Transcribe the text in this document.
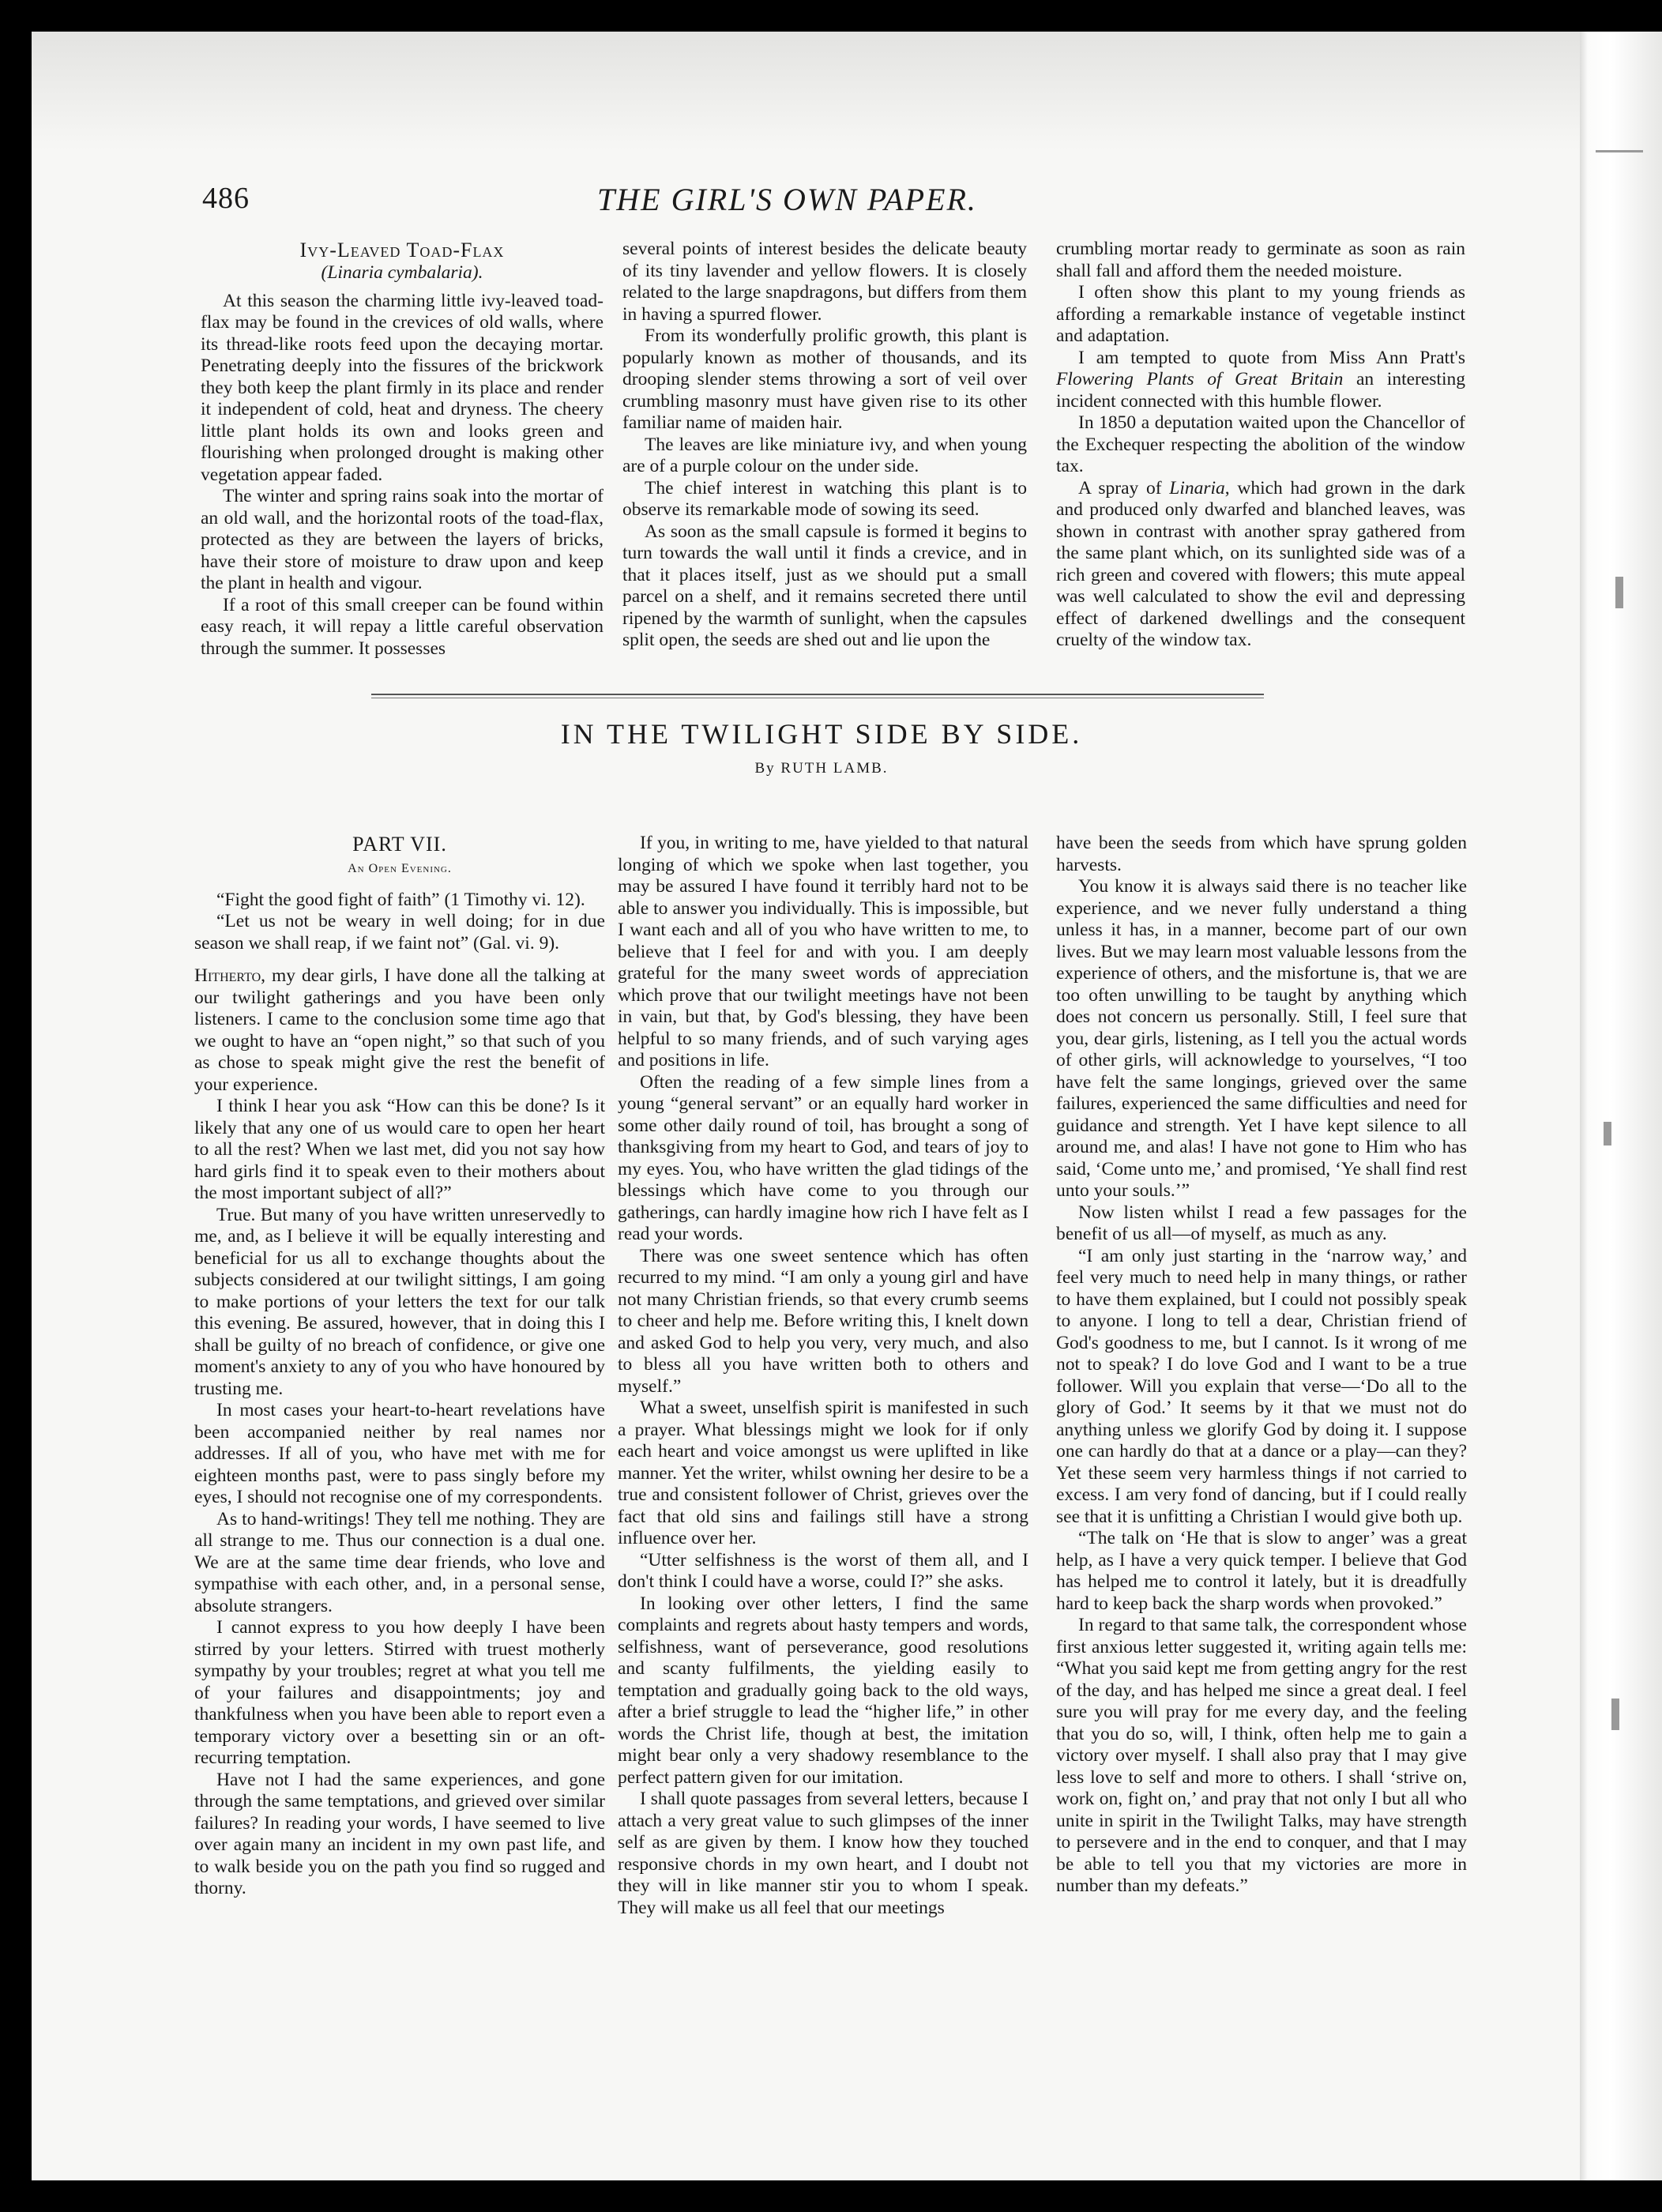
486	THE GIRL'S OWN PAPER.
Ivy-Leaved Toad-Flax
(Linaria cymbalaria).

At this season the charming little ivy-leaved toad-flax may be found in the crevices of old walls, where its thread-like roots feed upon the decaying mortar. Penetrating deeply into the fissures of the brickwork they both keep the plant firmly in its place and render it independent of cold, heat and dryness. The cheery little plant holds its own and looks green and flourishing when prolonged drought is making other vegetation appear faded.

The winter and spring rains soak into the mortar of an old wall, and the horizontal roots of the toad-flax, protected as they are between the layers of bricks, have their store of moisture to draw upon and keep the plant in health and vigour.

If a root of this small creeper can be found within easy reach, it will repay a little careful observation through the summer. It possesses

several points of interest besides the delicate beauty of its tiny lavender and yellow flowers. It is closely related to the large snapdragons, but differs from them in having a spurred flower.

From its wonderfully prolific growth, this plant is popularly known as mother of thousands, and its drooping slender stems throwing a sort of veil over crumbling masonry must have given rise to its other familiar name of maiden hair.

The leaves are like miniature ivy, and when young are of a purple colour on the under side.

The chief interest in watching this plant is to observe its remarkable mode of sowing its seed.

As soon as the small capsule is formed it begins to turn towards the wall until it finds a crevice, and in that it places itself, just as we should put a small parcel on a shelf, and it remains secreted there until ripened by the warmth of sunlight, when the capsules split open, the seeds are shed out and lie upon the

crumbling mortar ready to germinate as soon as rain shall fall and afford them the needed moisture.

I often show this plant to my young friends as affording a remarkable instance of vegetable instinct and adaptation.

I am tempted to quote from Miss Ann Pratt's Flowering Plants of Great Britain an interesting incident connected with this humble flower.

In 1850 a deputation waited upon the Chancellor of the Exchequer respecting the abolition of the window tax.

A spray of Linaria, which had grown in the dark and produced only dwarfed and blanched leaves, was shown in contrast with another spray gathered from the same plant which, on its sunlighted side was of a rich green and covered with flowers; this mute appeal was well calculated to show the evil and depressing effect of darkened dwellings and the consequent cruelty of the window tax.

IN THE TWILIGHT SIDE BY SIDE.
By RUTH LAMB.
PART VII.
An Open Evening.

“Fight the good fight of faith” (1 Timothy vi. 12).

“Let us not be weary in well doing; for in due season we shall reap, if we faint not” (Gal. vi. 9).

Hitherto, my dear girls, I have done all the talking at our twilight gatherings and you have been only listeners. I came to the conclusion some time ago that we ought to have an “open night,” so that such of you as chose to speak might give the rest the benefit of your experience.

I think I hear you ask “How can this be done? Is it likely that any one of us would care to open her heart to all the rest? When we last met, did you not say how hard girls find it to speak even to their mothers about the most important subject of all?”

True. But many of you have written unreservedly to me, and, as I believe it will be equally interesting and beneficial for us all to exchange thoughts about the subjects considered at our twilight sittings, I am going to make portions of your letters the text for our talk this evening. Be assured, however, that in doing this I shall be guilty of no breach of confidence, or give one moment's anxiety to any of you who have honoured by trusting me.

In most cases your heart-to-heart revelations have been accompanied neither by real names nor addresses. If all of you, who have met with me for eighteen months past, were to pass singly before my eyes, I should not recognise one of my correspondents.

As to hand-writings! They tell me nothing. They are all strange to me. Thus our connection is a dual one. We are at the same time dear friends, who love and sympathise with each other, and, in a personal sense, absolute strangers.

I cannot express to you how deeply I have been stirred by your letters. Stirred with truest motherly sympathy by your troubles; regret at what you tell me of your failures and disappointments; joy and thankfulness when you have been able to report even a temporary victory over a besetting sin or an oft-recurring temptation.

Have not I had the same experiences, and gone through the same temptations, and grieved over similar failures? In reading your words, I have seemed to live over again many an incident in my own past life, and to walk beside you on the path you find so rugged and thorny.

If you, in writing to me, have yielded to that natural longing of which we spoke when last together, you may be assured I have found it terribly hard not to be able to answer you individually. This is impossible, but I want each and all of you who have written to me, to believe that I feel for and with you. I am deeply grateful for the many sweet words of appreciation which prove that our twilight meetings have not been in vain, but that, by God's blessing, they have been helpful to so many friends, and of such varying ages and positions in life.

Often the reading of a few simple lines from a young “general servant” or an equally hard worker in some other daily round of toil, has brought a song of thanksgiving from my heart to God, and tears of joy to my eyes. You, who have written the glad tidings of the blessings which have come to you through our gatherings, can hardly imagine how rich I have felt as I read your words.

There was one sweet sentence which has often recurred to my mind. “I am only a young girl and have not many Christian friends, so that every crumb seems to cheer and help me. Before writing this, I knelt down and asked God to help you very, very much, and also to bless all you have written both to others and myself.”

What a sweet, unselfish spirit is manifested in such a prayer. What blessings might we look for if only each heart and voice amongst us were uplifted in like manner. Yet the writer, whilst owning her desire to be a true and consistent follower of Christ, grieves over the fact that old sins and failings still have a strong influence over her.

“Utter selfishness is the worst of them all, and I don't think I could have a worse, could I?” she asks.

In looking over other letters, I find the same complaints and regrets about hasty tempers and words, selfishness, want of perseverance, good resolutions and scanty fulfilments, the yielding easily to temptation and gradually going back to the old ways, after a brief struggle to lead the “higher life,” in other words the Christ life, though at best, the imitation might bear only a very shadowy resemblance to the perfect pattern given for our imitation.

I shall quote passages from several letters, because I attach a very great value to such glimpses of the inner self as are given by them. I know how they touched responsive chords in my own heart, and I doubt not they will in like manner stir you to whom I speak. They will make us all feel that our meetings

have been the seeds from which have sprung golden harvests.

You know it is always said there is no teacher like experience, and we never fully understand a thing unless it has, in a manner, become part of our own lives. But we may learn most valuable lessons from the experience of others, and the misfortune is, that we are too often unwilling to be taught by anything which does not concern us personally. Still, I feel sure that you, dear girls, listening, as I tell you the actual words of other girls, will acknowledge to yourselves, “I too have felt the same longings, grieved over the same failures, experienced the same difficulties and need for guidance and strength. Yet I have kept silence to all around me, and alas! I have not gone to Him who has said, ‘Come unto me,’ and promised, ‘Ye shall find rest unto your souls.’”

Now listen whilst I read a few passages for the benefit of us all—of myself, as much as any.

“I am only just starting in the ‘narrow way,’ and feel very much to need help in many things, or rather to have them explained, but I could not possibly speak to anyone. I long to tell a dear, Christian friend of God's goodness to me, but I cannot. Is it wrong of me not to speak? I do love God and I want to be a true follower. Will you explain that verse—‘Do all to the glory of God.’ It seems by it that we must not do anything unless we glorify God by doing it. I suppose one can hardly do that at a dance or a play—can they? Yet these seem very harmless things if not carried to excess. I am very fond of dancing, but if I could really see that it is unfitting a Christian I would give both up.

“The talk on ‘He that is slow to anger’ was a great help, as I have a very quick temper. I believe that God has helped me to control it lately, but it is dreadfully hard to keep back the sharp words when provoked.”

In regard to that same talk, the correspondent whose first anxious letter suggested it, writing again tells me: “What you said kept me from getting angry for the rest of the day, and has helped me since a great deal. I feel sure you will pray for me every day, and the feeling that you do so, will, I think, often help me to gain a victory over myself. I shall also pray that I may give less love to self and more to others. I shall ‘strive on, work on, fight on,’ and pray that not only I but all who unite in spirit in the Twilight Talks, may have strength to persevere and in the end to conquer, and that I may be able to tell you that my victories are more in number than my defeats.”
